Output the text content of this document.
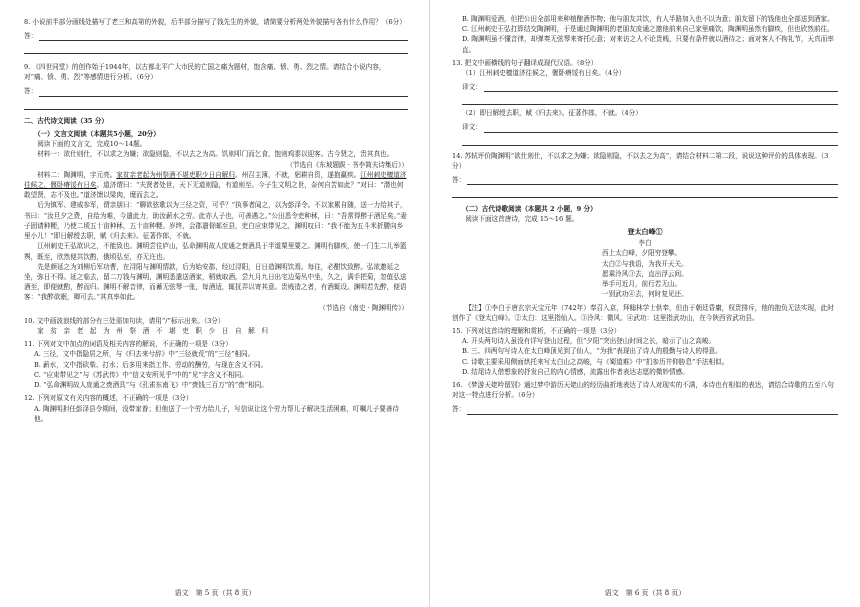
8. 小说前半部分画线处描写了老三和高第的外貌，后半部分描写了钱先生的外貌，请简要分析两处外貌描写各有什么作用？（6分）

答：

9. 《四世同堂》的创作始于1944年，以古都北平广大市民的亡国之痛为题材，饱含痛、愤、勇、烈之情。请结合小说内容，对“痛、愤、勇、烈”等感情进行分析。（6分）

答：

二、古代诗文阅读（35 分）

（一）文言文阅读（本题共5小题，20分）

阅读下面的文言文，完成10～14题。

材料一：欲仕则仕，不以求之为嫌；欲隐则隐，不以去之为高。饥则叩门而乞食，饱则鸡黍以迎客。古今贤之，贵其真也。

（节选自《东坡题跋 · 书李简夫诗集后》）

材料二：陶渊明，字元亮。家贫亲老起为州祭酒不堪吏职少日自解归。州召主簿，不就，躬耕自资，遂抱羸疾。江州刺史檀道济往候之，偃卧瘠馁有日矣。道济谓曰：“夫贤者处世，天下无道则隐，有道则至。今子生文明之世，奈何自苦如此？”对曰：“潜也何敢望贤，志不及也。”道济馈以梁肉，麾而去之。

后为镇军、建威参军，谓亲朋曰：“聊欲弦歌以为三径之资，可乎？”执事者闻之，以为彭泽令。不以家累自随，送一力给其子，书曰：“汝旦夕之费，自给为难，今遣此力，助汝薪水之劳。此亦人子也，可善遇之。”公田悉令吏种秫，曰：“吾常得醉于酒足矣。”妻子固请种粳，乃使二顷五十亩种秫，五十亩种粳。岁终，会郡遣督邮至县，吏白应束带见之，渊明叹曰：“我不能为五斗米折腰向乡里小儿！”即日解绶去职，赋《归去来》。征著作郎，不就。

江州刺史王弘欲识之，不能致也。渊明尝往庐山，弘命渊明故人庞通之赍酒具于半道栗里要之。渊明有脚疾，使一门生二儿举篮舆，既至，欣然便共饮酌，俄顷弘至，亦无迕也。

先是颜延之为刘柳后军功曹，在浔阳与渊明情款，后为始安郡，经过浔阳，日日造渊明饮焉。每往，必酣饮致醉。弘欲邀延之坐，弥日不得。延之临去，留二万钱与渊明，渊明悉遣送酒家，稍就取酒。尝九月九日出宅边菊丛中坐，久之，满手把菊，忽值弘送酒至，即便就酌，醉而归。渊明不解音律，而蓄无弦琴一张，每酒适，辄抚弄以寄其意。贵贱造之者，有酒辄设。渊明若先醉，便语客：“我醉欲眠，卿可去。”其真率如此。

（节选自《南史 · 陶渊明传》）

10. 文中画波浪线的部分有三处需加句读，请用“/”标示出来。（3分）

家　贫　亲　老　起　为　州　祭　酒　不　堪　吏　职　少　日　自　解　归

11. 下列对文中加点的词语及相关内容的解说，不正确的一项是（3分）

A. 三径，文中指隐居之所，与《归去来兮辞》中“三径就荒”的“三径”相同。

B. 薪水，文中指砍柴、打水；后多用来指工作、劳动的酬劳，与现在含义不同。

C. “应束带见之”与《苏武传》中“信义安所见乎”中的“见”字含义不相同。

D. “弘命渊明故人庞通之赍酒具”与《孔雀东南飞》中“赍钱三百万”的“赍”相同。

12. 下列对原文有关内容的概述，不正确的一项是（3分）

A. 陶渊明担任彭泽县令期间，没带家眷；但他送了一个劳力给儿子，写信说让这个劳力帮儿子解决生活困难，叮嘱儿子要善待他。

语文　第 5 页（共 8 页）

B. 陶渊明爱酒，但把公田全部用来种植酿酒作物；他与朋友共饮，有人半路加入也不以为意；朋友留下的钱他也全部送到酒家。

C. 江州刺史王弘打算结交陶渊明，于是通过陶渊明的老朋友庞通之邀他前来自己家里痛饮，陶渊明虽然有脚疾，但也欣然前往。

D. 陶渊明虽不懂音律，却弹奏无弦琴来寄托心意；对来访之人不论贵贱，只要有条件就以酒待之；面对客人不拘礼节，天真而率直。

13. 把文中画横线的句子翻译成现代汉语。（8分）

（1）江州刺史檀道济往候之，偃卧瘠馁有日矣。（4分）

译文：

（2）即日解绶去职，赋《归去来》。征著作郎，不就。（4分）

译文：

14. 苏轼评价陶渊明“欲仕则仕，不以求之为嫌；欲隐则隐，不以去之为高”，请结合材料二第二段，说说这种评价的具体表现。（3分）

答：

（二）古代诗歌阅读（本题共 2 小题，9 分）

阅读下面这首唐诗，完成 15～16 题。

登太白峰①

李白

西上太白峰，夕阳穷登攀。

太白②与我语，为我开天关。

愿乘泠风③去，直出浮云间。

举手可近月，前行若无山。

一别武功④去，何时复见还。

【注】①李白于唐玄宗天宝元年（742年）奉召入京，拜翰林学士供奉，但由于朝廷昏庸，权贵排斥，他的抱负无法实现，此时创作了《登太白峰》。②太白：这里指仙人。③泠风：微风。④武功：这里指武功山，在今陕西省武功县。

15. 下列对这首诗的理解和赏析，不正确的一项是（3分）

A. 开头两句诗人虽没有详写登山过程，但“夕阳”突出登山时间之长，暗示了山之高峻。

B. 三、四两句写诗人在太白峰顶见到了仙人，“为我”表现出了诗人的殷勤与诗人的得意。

C. 诗歌主要采用侧面烘托来写太白山之高峻，与《蜀道难》中“扪参历井仰胁息”手法相似。

D. 结尾诗人借想象的抒发自己的内心情感，流露出作者表达志愿的微妙情感。

16. 《梦游天姥吟留别》通过梦中游历天姥山的经历曲折地表达了诗人对现实的不满，本诗也有相似的表达，请结合诗歌的五至八句对这一特点进行分析。（6分）

答：
语文　第 6 页（共 8 页）
